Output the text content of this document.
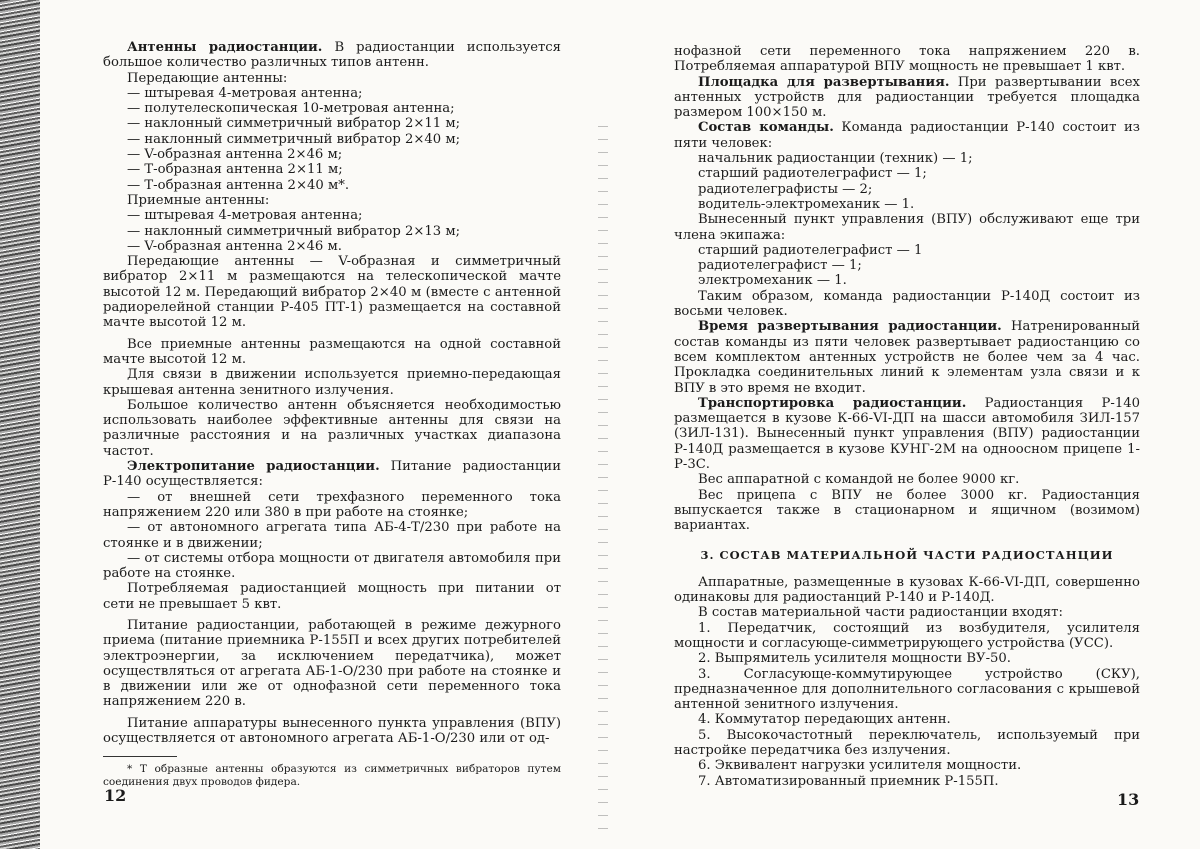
Антенны радиостанции. В радиостанции используется большое количество различных типов антенн.

Передающие антенны:

— штыревая 4-метровая антенна;

— полутелескопическая 10-метровая антенна;

— наклонный симметричный вибратор 2×11 м;

— наклонный симметричный вибратор 2×40 м;

— V-образная антенна 2×46 м;

— Т-образная антенна 2×11 м;

— Т-образная антенна 2×40 м*.

Приемные антенны:

— штыревая 4-метровая антенна;

— наклонный симметричный вибратор 2×13 м;

— V-образная антенна 2×46 м.

Передающие антенны — V-образная и симметричный вибратор 2×11 м размещаются на телескопической мачте высотой 12 м. Передающий вибратор 2×40 м (вместе с антенной радиорелейной станции Р-405 ПТ-1) размещается на составной мачте высотой 12 м.

Все приемные антенны размещаются на одной составной мачте высотой 12 м.

Для связи в движении используется приемно-передающая крышевая антенна зенитного излучения.

Большое количество антенн объясняется необходимостью использовать наиболее эффективные антенны для связи на различные расстояния и на различных участках диапазона частот.

Электропитание радиостанции. Питание радиостанции Р-140 осуществляется:

— от внешней сети трехфазного переменного тока напряжением 220 или 380 в при работе на стоянке;

— от автономного агрегата типа АБ-4-Т/230 при работе на стоянке и в движении;

— от системы отбора мощности от двигателя автомобиля при работе на стоянке.

Потребляемая радиостанцией мощность при питании от сети не превышает 5 квт.

Питание радиостанции, работающей в режиме дежурного приема (питание приемника Р-155П и всех других потребителей электроэнергии, за исключением передатчика), может осуществляться от агрегата АБ-1-О/230 при работе на стоянке и в движении или же от однофазной сети переменного тока напряжением 220 в.

Питание аппаратуры вынесенного пункта управления (ВПУ) осуществляется от автономного агрегата АБ-1-О/230 или от од-

* Т образные антенны образуются из симметричных вибраторов путем соединения двух проводов фидера.

12

нофазной сети переменного тока напряжением 220 в. Потребляемая аппаратурой ВПУ мощность не превышает 1 квт.

Площадка для развертывания. При развертывании всех антенных устройств для радиостанции требуется площадка размером 100×150 м.

Состав команды. Команда радиостанции Р-140 состоит из пяти человек:

начальник радиостанции (техник) — 1;

старший радиотелеграфист — 1;

радиотелеграфисты — 2;

водитель-электромеханик — 1.

Вынесенный пункт управления (ВПУ) обслуживают еще три члена экипажа:

старший радиотелеграфист — 1

радиотелеграфист — 1;

электромеханик — 1.

Таким образом, команда радиостанции Р-140Д состоит из восьми человек.

Время развертывания радиостанции. Натренированный состав команды из пяти человек развертывает радиостанцию со всем комплектом антенных устройств не более чем за 4 час. Прокладка соединительных линий к элементам узла связи и к ВПУ в это время не входит.

Транспортировка радиостанции. Радиостанция Р-140 размещается в кузове К-66-VI-ДП на шасси автомобиля ЗИЛ-157 (ЗИЛ-131). Вынесенный пункт управления (ВПУ) радиостанции Р-140Д размещается в кузове КУНГ-2М на одноосном прицепе 1-Р-3С.

Вес аппаратной с командой не более 9000 кг.

Вес прицепа с ВПУ не более 3000 кг. Радиостанция выпускается также в стационарном и ящичном (возимом) вариантах.

3. СОСТАВ МАТЕРИАЛЬНОЙ ЧАСТИ РАДИОСТАНЦИИ

Аппаратные, размещенные в кузовах К-66-VI-ДП, совершенно одинаковы для радиостанций Р-140 и Р-140Д.

В состав материальной части радиостанции входят:

1. Передатчик, состоящий из возбудителя, усилителя мощности и согласующе-симметрирующего устройства (УСС).

2. Выпрямитель усилителя мощности ВУ-50.

3. Согласующе-коммутирующее устройство (СКУ), предназначенное для дополнительного согласования с крышевой антенной зенитного излучения.

4. Коммутатор передающих антенн.

5. Высокочастотный переключатель, используемый при настройке передатчика без излучения.

6. Эквивалент нагрузки усилителя мощности.

7. Автоматизированный приемник Р-155П.

13
